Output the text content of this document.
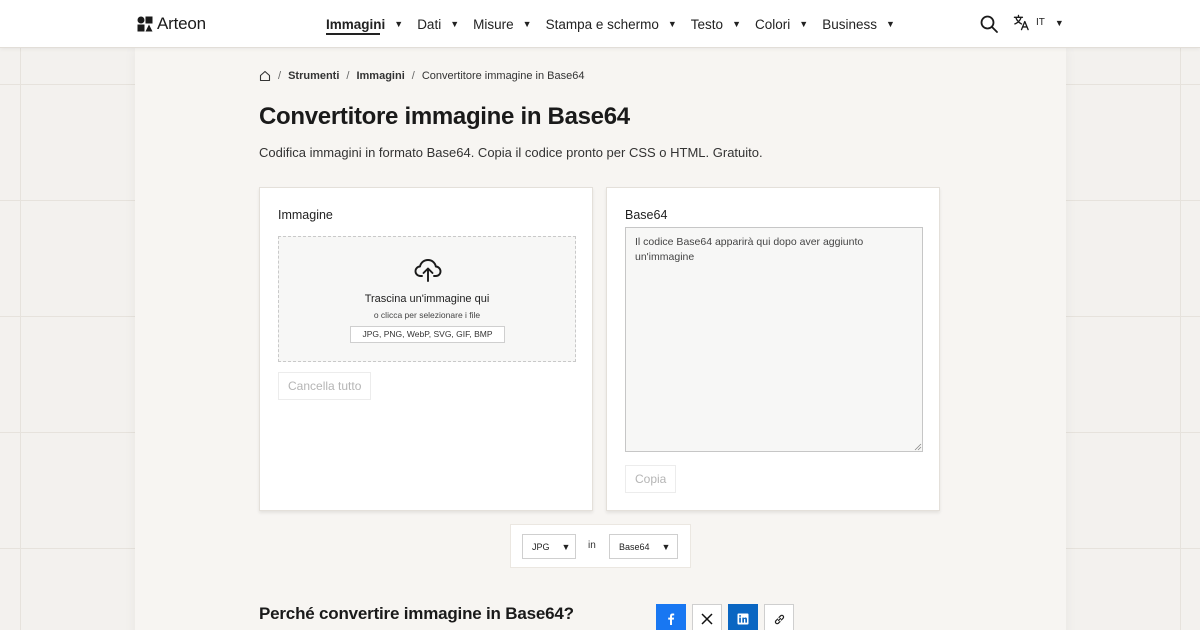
Arteon	Immagini ▼ Dati ▼ Misure ▼ Stampa e schermo ▼ Testo ▼ Colori ▼ Business ▼	IT ▼
/ Strumenti / Immagini / Convertitore immagine in Base64
Convertitore immagine in Base64

Codifica immagini in formato Base64. Copia il codice pronto per CSS o HTML. Gratuito.

Immagine
Trascina un'immagine qui
o clicca per selezionare i file
JPG, PNG, WebP, SVG, GIF, BMP
Cancella tutto
Base64
Il codice Base64 apparirà qui dopo aver aggiunto un'immagine
Copia
JPG ▼ in	Base64 ▼
Perché convertire immagine in Base64?
